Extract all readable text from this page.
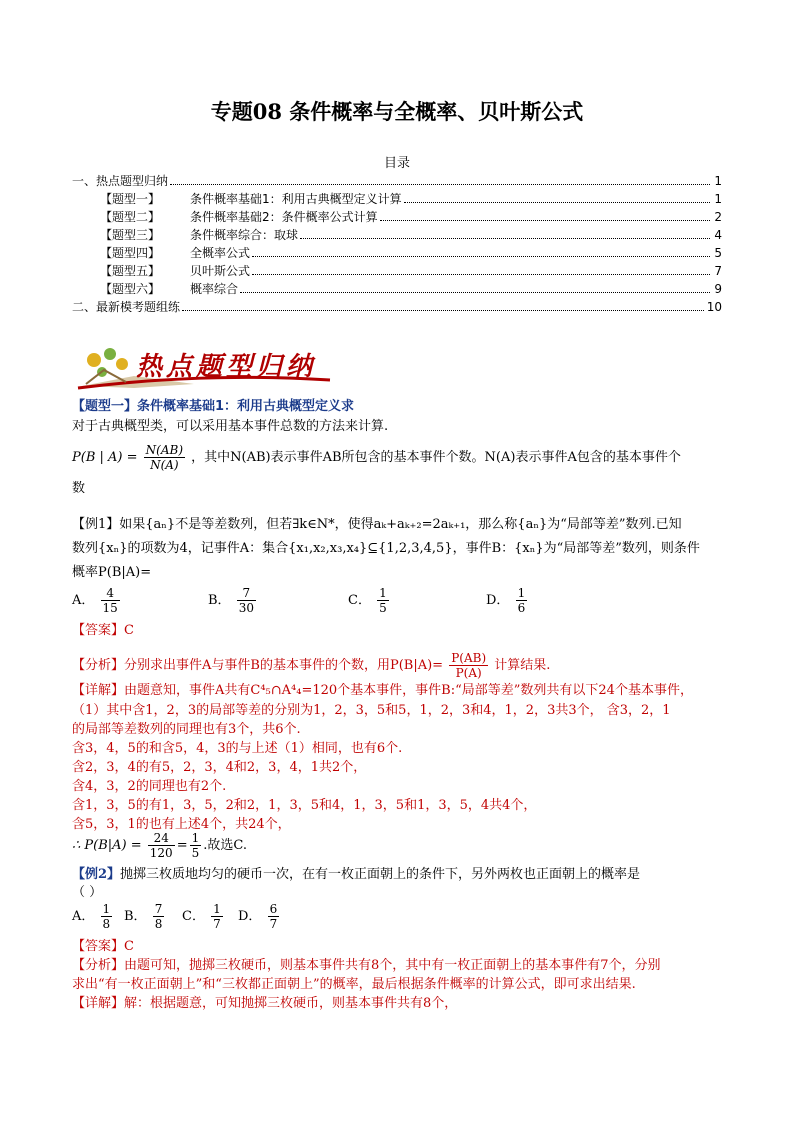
专题08 条件概率与全概率、贝叶斯公式
目录
一、热点题型归纳	1
【题型一】	条件概率基础1：利用古典概型定义计算	1
【题型二】	条件概率基础2：条件概率公式计算	2
【题型三】	条件概率综合：取球	4
【题型四】	全概率公式	5
【题型五】	贝叶斯公式	7
【题型六】	概率综合	9
二、最新模考题组练	10
热点题型归纳
【题型一】条件概率基础1：利用古典概型定义求
对于古典概型类，可以采用基本事件总数的方法来计算.
P(B | $A) = \frac{N(AB)}{N(A)}$ ，其中N(AB)表示事件AB所包含的基本事件个数。N(A)表示事件A包含的基本事件个
数
【例1】如果{aₙ}不是等差数列，但若∃k∈N*，使得aₖ+aₖ₊₂=2aₖ₊₁，那么称{aₙ}为“局部等差”数列.已知
数列{xₙ}的项数为4，记事件A：集合{x₁,x₂,x₃,x₄}⊆{1,2,3,4,5}，事件B：{xₙ}为“局部等差”数列，则条件
概率P(B|A)=
A． $\frac{4}{15}$	B． $\frac{7}{30}$	C． $\frac{1}{5}$	D． $\frac{1}{6}$
【答案】C
【分析】分别求出事件A与事件B的基本事件的个数，用$P(B|A)= \frac{P(AB)}{P(A)}$ 计算结果.
【详解】由题意知，事件A共有C⁴₅∩A⁴₄=120个基本事件，事件B:“局部等差”数列共有以下24个基本事件，
（1）其中含1，2，3的局部等差的分别为1，2，3，5和5，1，2，3和4，1，2，3共3个， 含3，2，1
的局部等差数列的同理也有3个，共6个.
含3，4，5的和含5，4，3的与上述（1）相同，也有6个.
含2，3，4的有5，2，3，4和2，3，4，1共2个，
含4，3，2的同理也有2个.
含1，3，5的有1，3，5，2和2，1，3，5和4，1，3，5和1，3，5，4共4个，
含5，3，1的也有上述4个，共24个，
∴ $P(B|A) = \frac{24}{120} = \frac{1}{5}$ .故选C.
【例2】抛掷三枚质地均匀的硬币一次，在有一枚正面朝上的条件下，另外两枚也正面朝上的概率是
（ ）
A． $\frac{1}{8}$ B． $\frac{7}{8}$ C． $\frac{1}{7}$ D． $\frac{6}{7}$
【答案】C
【分析】由题可知，抛掷三枚硬币，则基本事件共有8个，其中有一枚正面朝上的基本事件有7个，分别
求出“有一枚正面朝上”和“三枚都正面朝上”的概率，最后根据条件概率的计算公式，即可求出结果.
【详解】解：根据题意，可知抛掷三枚硬币，则基本事件共有8个，
